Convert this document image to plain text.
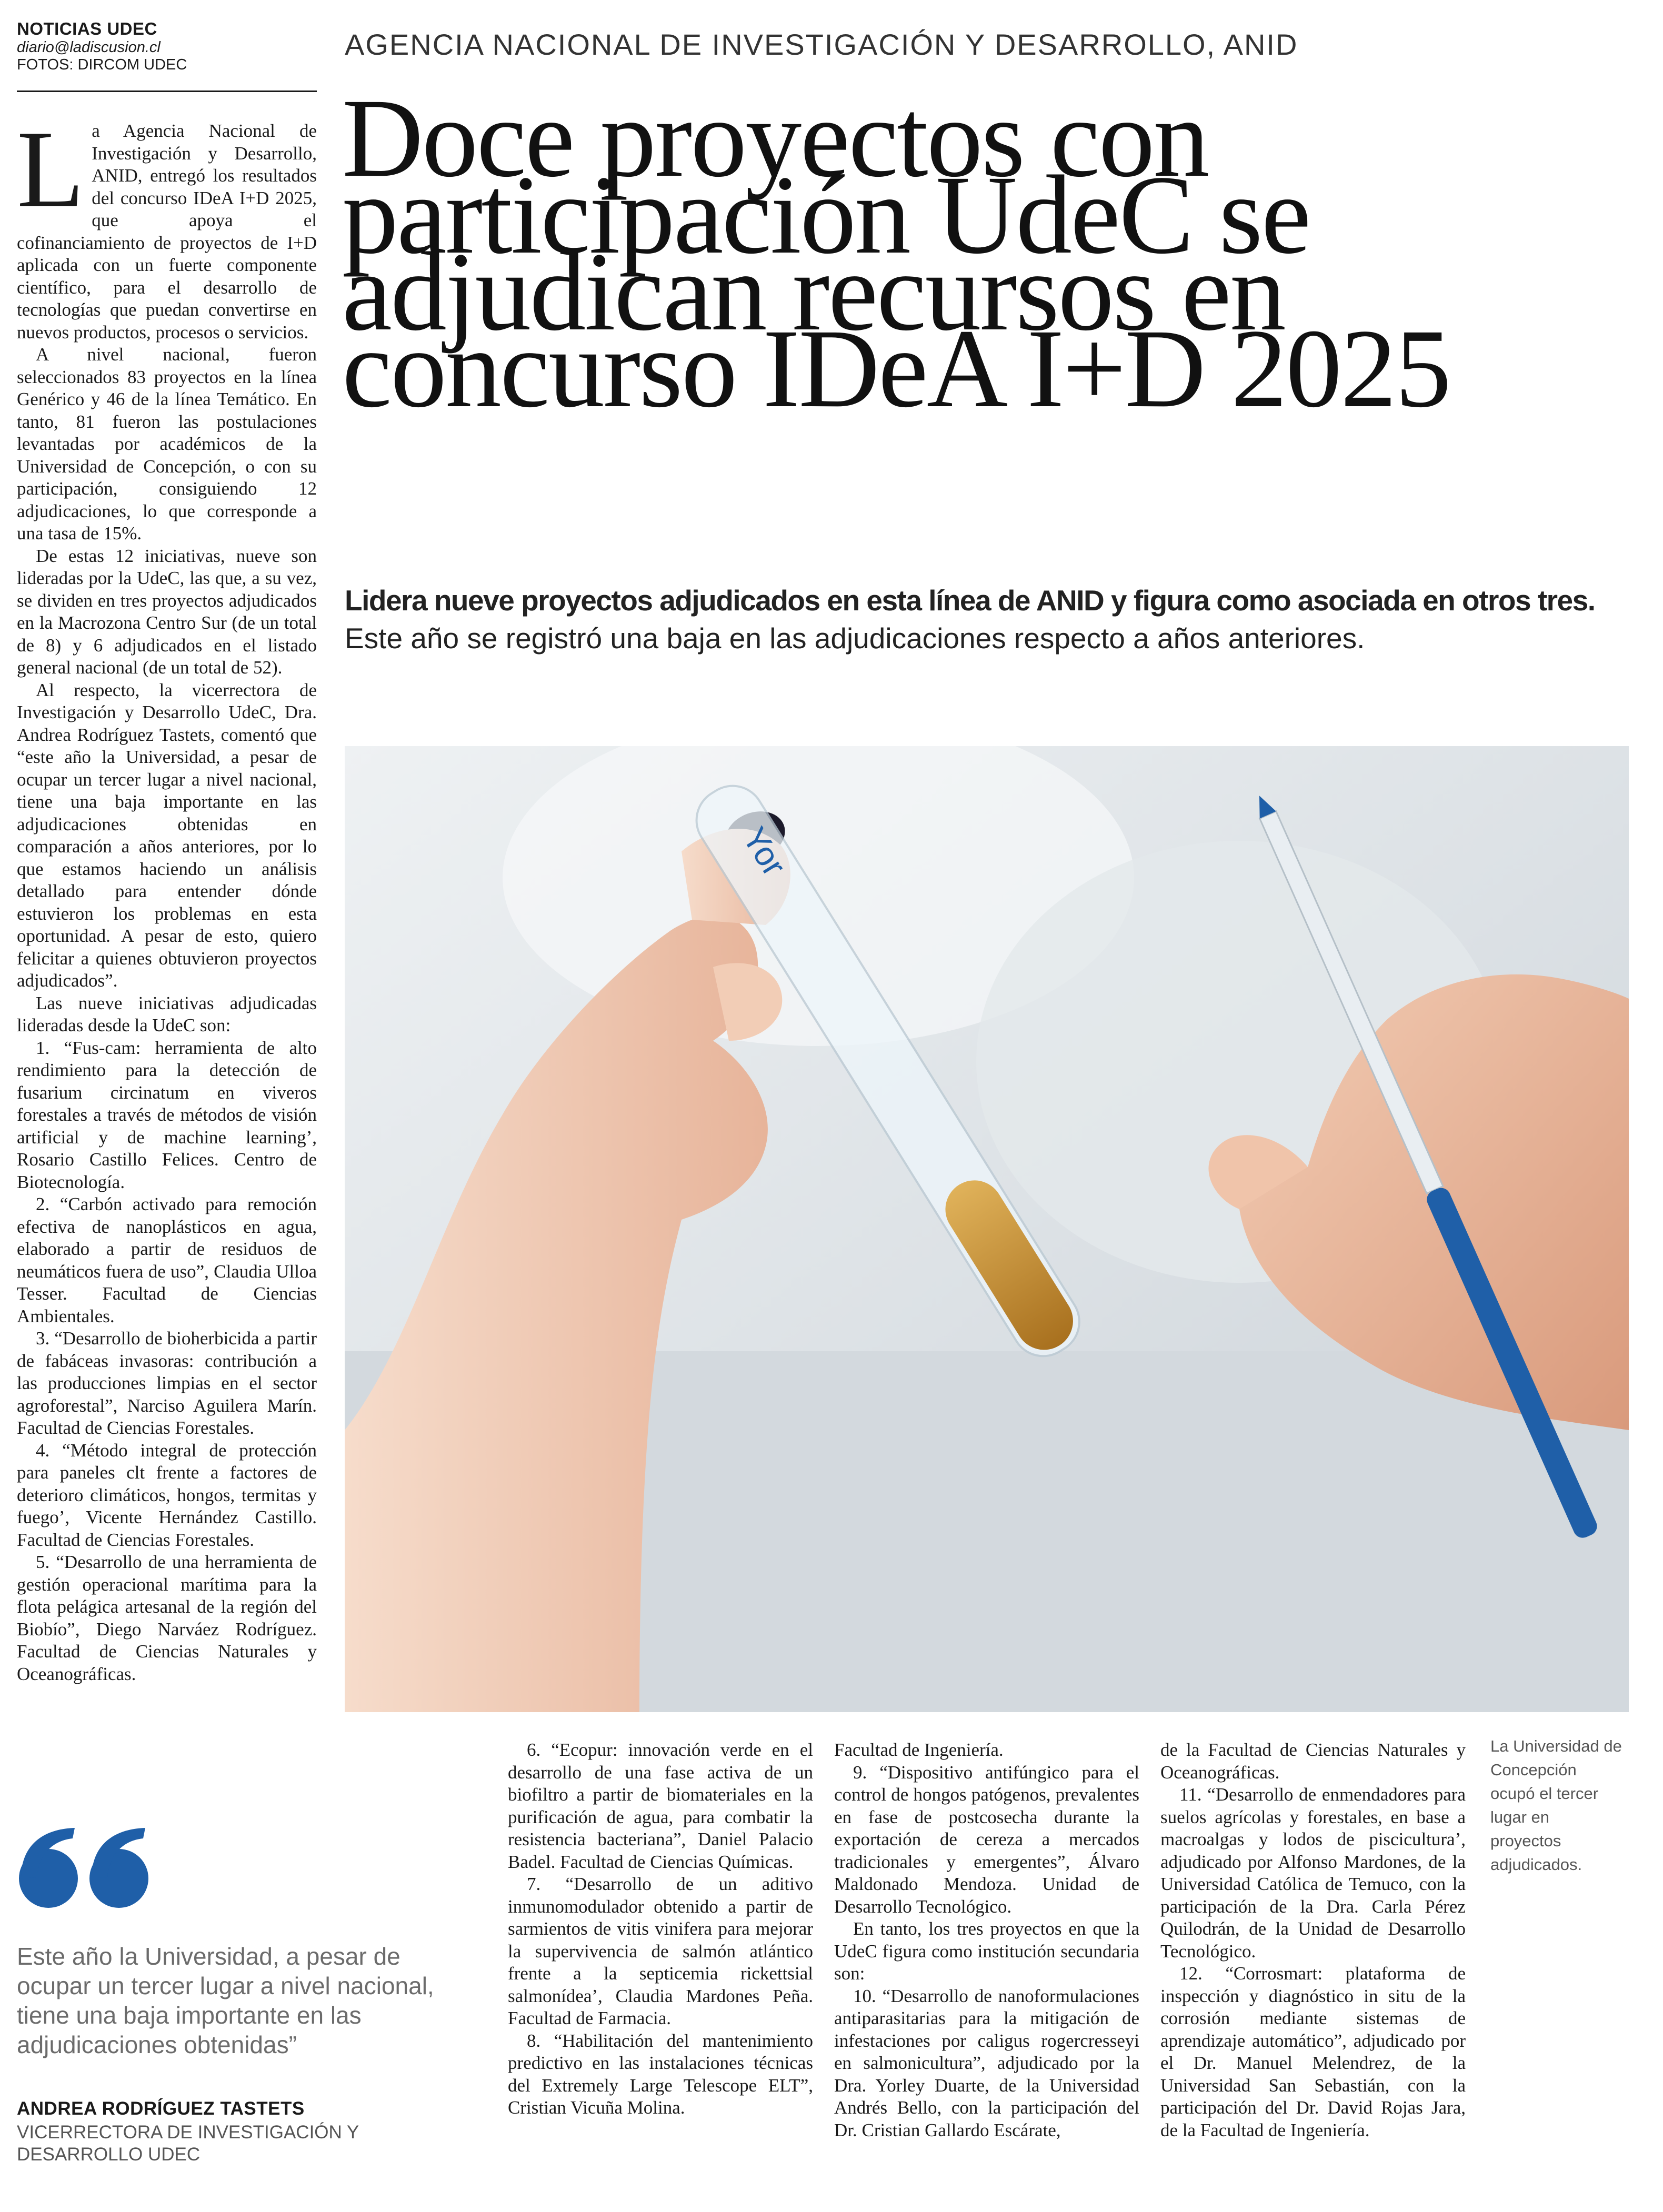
NOTICIAS UDEC
diario@ladiscusion.cl
FOTOS: DIRCOM UDEC
AGENCIA NACIONAL DE INVESTIGACIÓN Y DESARROLLO, ANID
Doce proyectos con participación UdeC se adjudican recursos en concurso IDeA I+D 2025
Lidera nueve proyectos adjudicados en esta línea de ANID y figura como asociada en otros tres. Este año se registró una baja en las adjudicaciones respecto a años anteriores.

La Agencia Nacional de Investigación y Desarrollo, ANID, entregó los resultados del concurso IDeA I+D 2025, que apoya el cofinanciamiento de proyectos de I+D aplicada con un fuerte componente científico, para el desarrollo de tecnologías que puedan convertirse en nuevos productos, procesos o servicios.

A nivel nacional, fueron seleccionados 83 proyectos en la línea Genérico y 46 de la línea Temático. En tanto, 81 fueron las postulaciones levantadas por académicos de la Universidad de Concepción, o con su participación, consiguiendo 12 adjudicaciones, lo que corresponde a una tasa de 15%.

De estas 12 iniciativas, nueve son lideradas por la UdeC, las que, a su vez, se dividen en tres proyectos adjudicados en la Macrozona Centro Sur (de un total de 8) y 6 adjudicados en el listado general nacional (de un total de 52).

Al respecto, la vicerrectora de Investigación y Desarrollo UdeC, Dra. Andrea Rodríguez Tastets, comentó que “este año la Universidad, a pesar de ocupar un tercer lugar a nivel nacional, tiene una baja importante en las adjudicaciones obtenidas en comparación a años anteriores, por lo que estamos haciendo un análisis detallado para entender dónde estuvieron los problemas en esta oportunidad. A pesar de esto, quiero felicitar a quienes obtuvieron proyectos adjudicados”.

Las nueve iniciativas adjudicadas lideradas desde la UdeC son:

1. “Fus-cam: herramienta de alto rendimiento para la detección de fusarium circinatum en viveros forestales a través de métodos de visión artificial y de machine learning’, Rosario Castillo Felices. Centro de Biotecnología.

2. “Carbón activado para remoción efectiva de nanoplásticos en agua, elaborado a partir de residuos de neumáticos fuera de uso”, Claudia Ulloa Tesser. Facultad de Ciencias Ambientales.

3. “Desarrollo de bioherbicida a partir de fabáceas invasoras: contribución a las producciones limpias en el sector agroforestal”, Narciso Aguilera Marín. Facultad de Ciencias Forestales.

4. “Método integral de protección para paneles clt frente a factores de deterioro climáticos, hongos, termitas y fuego’, Vicente Hernández Castillo. Facultad de Ciencias Forestales.

5. “Desarrollo de una herramienta de gestión operacional marítima para la flota pelágica artesanal de la región del Biobío”, Diego Narváez Rodríguez. Facultad de Ciencias Naturales y Oceanográficas.

Yor
La Universidad de Concepción ocupó el tercer lugar en proyectos adjudicados.
Este año la Universidad, a pesar de ocupar un tercer lugar a nivel nacional, tiene una baja importante en las adjudicaciones obtenidas”
ANDREA RODRÍGUEZ TASTETS
VICERRECTORA DE INVESTIGACIÓN Y DESARROLLO UDEC

6. “Ecopur: innovación verde en el desarrollo de una fase activa de un biofiltro a partir de biomateriales en la purificación de agua, para combatir la resistencia bacteriana”, Daniel Palacio Badel. Facultad de Ciencias Químicas.

7. “Desarrollo de un aditivo inmunomodulador obtenido a partir de sarmientos de vitis vinifera para mejorar la supervivencia de salmón atlántico frente a la septicemia rickettsial salmonídea’, Claudia Mardones Peña. Facultad de Farmacia.

8. “Habilitación del mantenimiento predictivo en las instalaciones técnicas del Extremely Large Telescope ELT”, Cristian Vicuña Molina.

Facultad de Ingeniería.

9. “Dispositivo antifúngico para el control de hongos patógenos, prevalentes en fase de postcosecha durante la exportación de cereza a mercados tradicionales y emergentes”, Álvaro Maldonado Mendoza. Unidad de Desarrollo Tecnológico.

En tanto, los tres proyectos en que la UdeC figura como institución secundaria son:

10. “Desarrollo de nanoformulaciones antiparasitarias para la mitigación de infestaciones por caligus rogercresseyi en salmonicultura”, adjudicado por la Dra. Yorley Duarte, de la Universidad Andrés Bello, con la participación del Dr. Cristian Gallardo Escárate,

de la Facultad de Ciencias Naturales y Oceanográficas.

11. “Desarrollo de enmendadores para suelos agrícolas y forestales, en base a macroalgas y lodos de piscicultura’, adjudicado por Alfonso Mardones, de la Universidad Católica de Temuco, con la participación de la Dra. Carla Pérez Quilodrán, de la Unidad de Desarrollo Tecnológico.

12. “Corrosmart: plataforma de inspección y diagnóstico in situ de la corrosión mediante sistemas de aprendizaje automático”, adjudicado por el Dr. Manuel Melendrez, de la Universidad San Sebastián, con la participación del Dr. David Rojas Jara, de la Facultad de Ingeniería.
